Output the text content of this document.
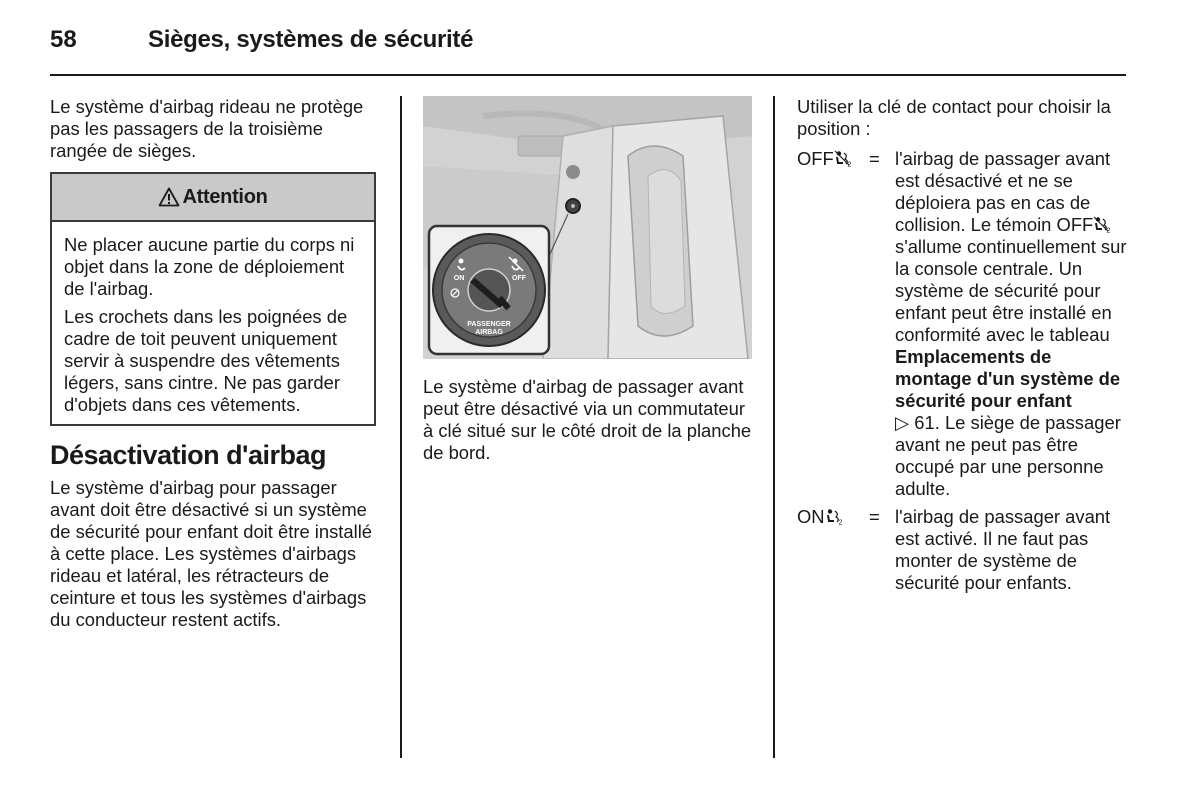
58	Sièges, systèmes de sécurité
Le système d'airbag rideau ne protège pas les passagers de la troisième rangée de sièges.
Attention

Ne placer aucune partie du corps ni objet dans la zone de déploiement de l'airbag.

Les crochets dans les poignées de cadre de toit peuvent uniquement servir à suspendre des vêtements légers, sans cintre. Ne pas garder d'objets dans ces vêtements.

Désactivation d'airbag
Le système d'airbag pour passager avant doit être désactivé si un système de sécurité pour enfant doit être installé à cette place. Les systèmes d'airbags rideau et latéral, les rétracteurs de ceinture et tous les systèmes d'airbags du conducteur restent actifs.
ON	OFF
PASSENGER
AIRBAG
Le système d'airbag de passager avant peut être désactivé via un commutateur à clé situé sur le côté droit de la planche de bord.
Utiliser la clé de contact pour choisir la position :
OFF 2 = l'airbag de passager avant est désactivé et ne se déploiera pas en cas de collision. Le témoin OFF 2
s'allume continuellement sur la console centrale. Un système de sécurité pour enfant peut être installé en conformité avec le tableau Emplacements de montage d'un système de sécurité pour enfant
▷ 61. Le siège de passager avant ne peut pas être occupé par une personne adulte.
ON 2 = l'airbag de passager avant est activé. Il ne faut pas monter de système de sécurité pour enfants.
